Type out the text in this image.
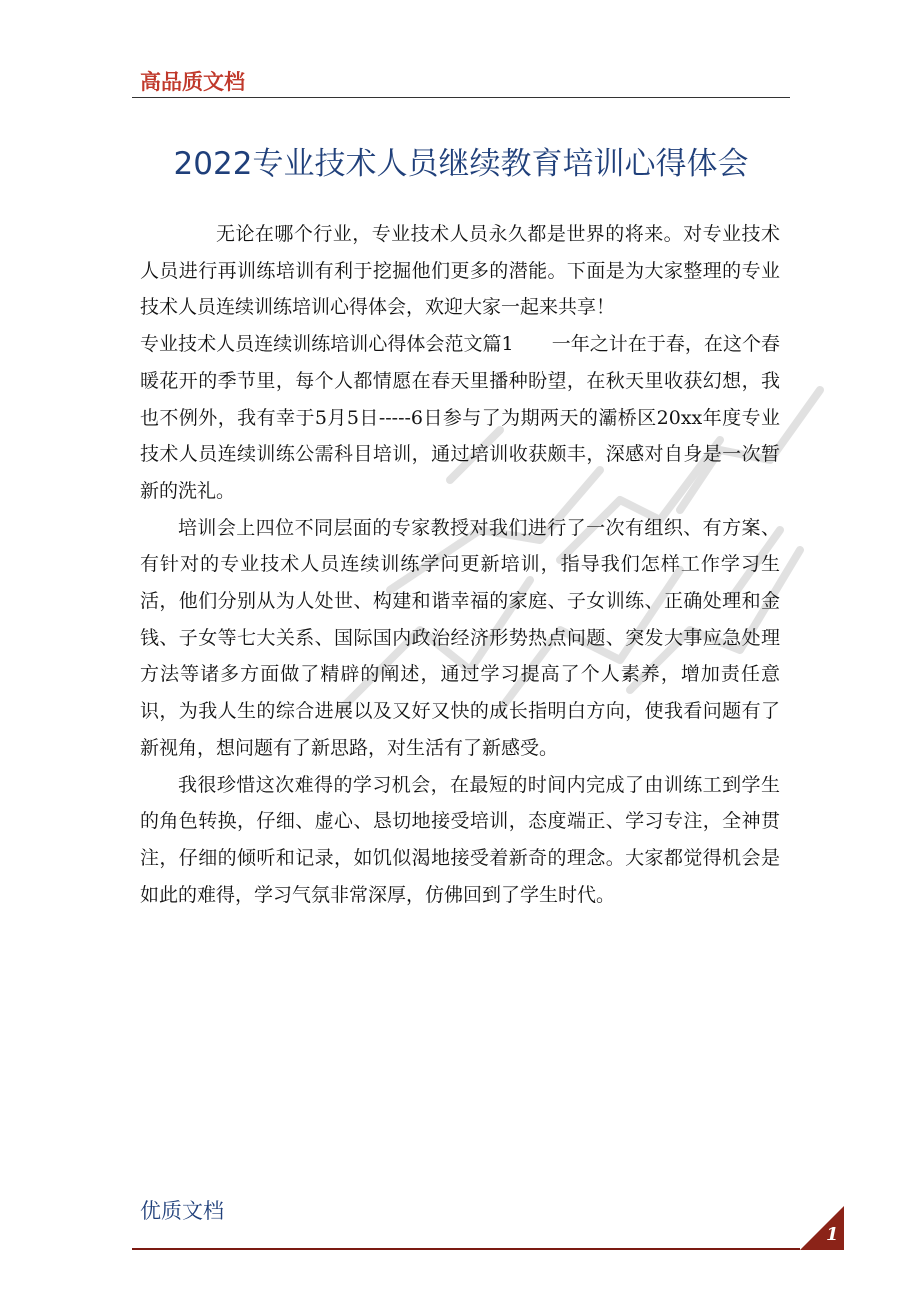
高品质文档
2022专业技术人员继续教育培训心得体会

无论在哪个行业，专业技术人员永久都是世界的将来。对专业技术人员进行再训练培训有利于挖掘他们更多的潜能。下面是为大家整理的专业技术人员连续训练培训心得体会，欢迎大家一起来共享！

专业技术人员连续训练培训心得体会范文篇1　　一年之计在于春，在这个春暖花开的季节里，每个人都情愿在春天里播种盼望，在秋天里收获幻想，我也不例外，我有幸于5月5日-----6日参与了为期两天的灞桥区20xx年度专业技术人员连续训练公需科目培训，通过培训收获颇丰，深感对自身是一次暂新的洗礼。

培训会上四位不同层面的专家教授对我们进行了一次有组织、有方案、有针对的专业技术人员连续训练学问更新培训，指导我们怎样工作学习生活，他们分别从为人处世、构建和谐幸福的家庭、子女训练、正确处理和金钱、子女等七大关系、国际国内政治经济形势热点问题、突发大事应急处理方法等诸多方面做了精辟的阐述，通过学习提高了个人素养，增加责任意识，为我人生的综合进展以及又好又快的成长指明白方向，使我看问题有了新视角，想问题有了新思路，对生活有了新感受。

我很珍惜这次难得的学习机会，在最短的时间内完成了由训练工到学生的角色转换，仔细、虚心、恳切地接受培训，态度端正、学习专注，全神贯注，仔细的倾听和记录，如饥似渴地接受着新奇的理念。大家都觉得机会是如此的难得，学习气氛非常深厚，仿佛回到了学生时代。

优质文档
1
